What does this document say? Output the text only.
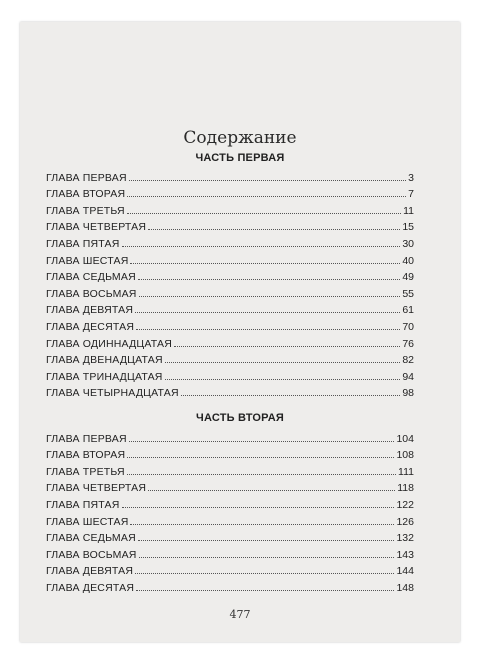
Содержание
ЧАСТЬ ПЕРВАЯ
ГЛАВА ПЕРВАЯ	3
ГЛАВА ВТОРАЯ	7
ГЛАВА ТРЕТЬЯ	11
ГЛАВА ЧЕТВЕРТАЯ	15
ГЛАВА ПЯТАЯ	30
ГЛАВА ШЕСТАЯ	40
ГЛАВА СЕДЬМАЯ	49
ГЛАВА ВОСЬМАЯ	55
ГЛАВА ДЕВЯТАЯ	61
ГЛАВА ДЕСЯТАЯ	70
ГЛАВА ОДИННАДЦАТАЯ	76
ГЛАВА ДВЕНАДЦАТАЯ	82
ГЛАВА ТРИНАДЦАТАЯ	94
ГЛАВА ЧЕТЫРНАДЦАТАЯ	98
ЧАСТЬ ВТОРАЯ
ГЛАВА ПЕРВАЯ	104
ГЛАВА ВТОРАЯ	108
ГЛАВА ТРЕТЬЯ	111
ГЛАВА ЧЕТВЕРТАЯ	118
ГЛАВА ПЯТАЯ	122
ГЛАВА ШЕСТАЯ	126
ГЛАВА СЕДЬМАЯ	132
ГЛАВА ВОСЬМАЯ	143
ГЛАВА ДЕВЯТАЯ	144
ГЛАВА ДЕСЯТАЯ	148
477
